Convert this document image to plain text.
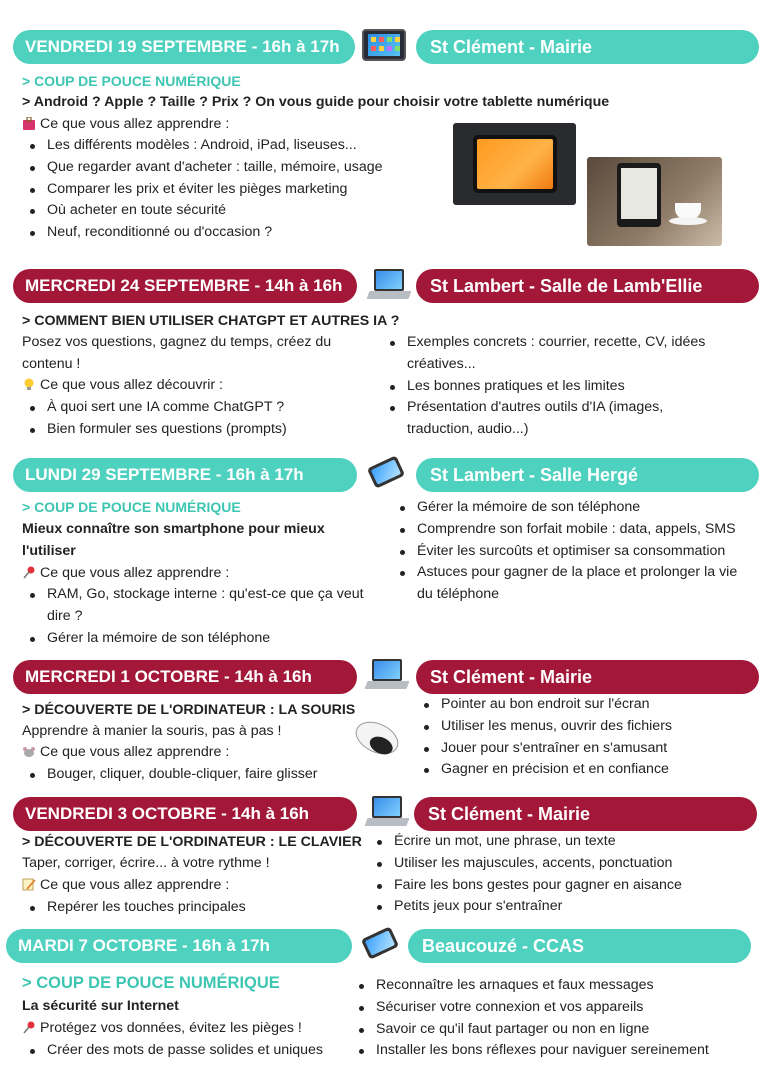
VENDREDI 19 SEPTEMBRE - 16h à 17h	St Clément - Mairie
> COUP DE POUCE NUMÉRIQUE
> Android ? Apple ? Taille ? Prix ? On vous guide pour choisir votre tablette numérique
Ce que vous allez apprendre :
Les différents modèles : Android, iPad, liseuses...
Que regarder avant d'acheter : taille, mémoire, usage
Comparer les prix et éviter les pièges marketing
Où acheter en toute sécurité
Neuf, reconditionné ou d'occasion ?
MERCREDI 24 SEPTEMBRE - 14h à 16h	St Lambert - Salle de Lamb'Ellie
> COMMENT BIEN UTILISER CHATGPT ET AUTRES IA ?
Posez vos questions, gagnez du temps, créez du contenu !
Ce que vous allez découvrir :
À quoi sert une IA comme ChatGPT ?
Bien formuler ses questions (prompts)
Exemples concrets : courrier, recette, CV, idées créatives...
Les bonnes pratiques et les limites
Présentation d'autres outils d'IA (images, traduction, audio...)
LUNDI 29 SEPTEMBRE - 16h à 17h	St Lambert - Salle Hergé
> COUP DE POUCE NUMÉRIQUE
Mieux connaître son smartphone pour mieux l'utiliser
Ce que vous allez apprendre :
RAM, Go, stockage interne : qu'est-ce que ça veut dire ?
Gérer la mémoire de son téléphone
Gérer la mémoire de son téléphone
Comprendre son forfait mobile : data, appels, SMS
Éviter les surcoûts et optimiser sa consommation
Astuces pour gagner de la place et prolonger la vie du téléphone
MERCREDI 1 OCTOBRE - 14h à 16h	St Clément - Mairie
> DÉCOUVERTE DE L'ORDINATEUR : LA SOURIS
Apprendre à manier la souris, pas à pas !
Ce que vous allez apprendre :
Bouger, cliquer, double-cliquer, faire glisser
Pointer au bon endroit sur l'écran
Utiliser les menus, ouvrir des fichiers
Jouer pour s'entraîner en s'amusant
Gagner en précision et en confiance
VENDREDI 3 OCTOBRE - 14h à 16h	St Clément - Mairie
> DÉCOUVERTE DE L'ORDINATEUR : LE CLAVIER
Taper, corriger, écrire... à votre rythme !
Ce que vous allez apprendre :
Repérer les touches principales
Écrire un mot, une phrase, un texte
Utiliser les majuscules, accents, ponctuation
Faire les bons gestes pour gagner en aisance
Petits jeux pour s'entraîner
MARDI 7 OCTOBRE - 16h à 17h	Beaucouzé - CCAS
> COUP DE POUCE NUMÉRIQUE
La sécurité sur Internet
Protégez vos données, évitez les pièges !
Créer des mots de passe solides et uniques
Reconnaître les arnaques et faux messages
Sécuriser votre connexion et vos appareils
Savoir ce qu'il faut partager ou non en ligne
Installer les bons réflexes pour naviguer sereinement
